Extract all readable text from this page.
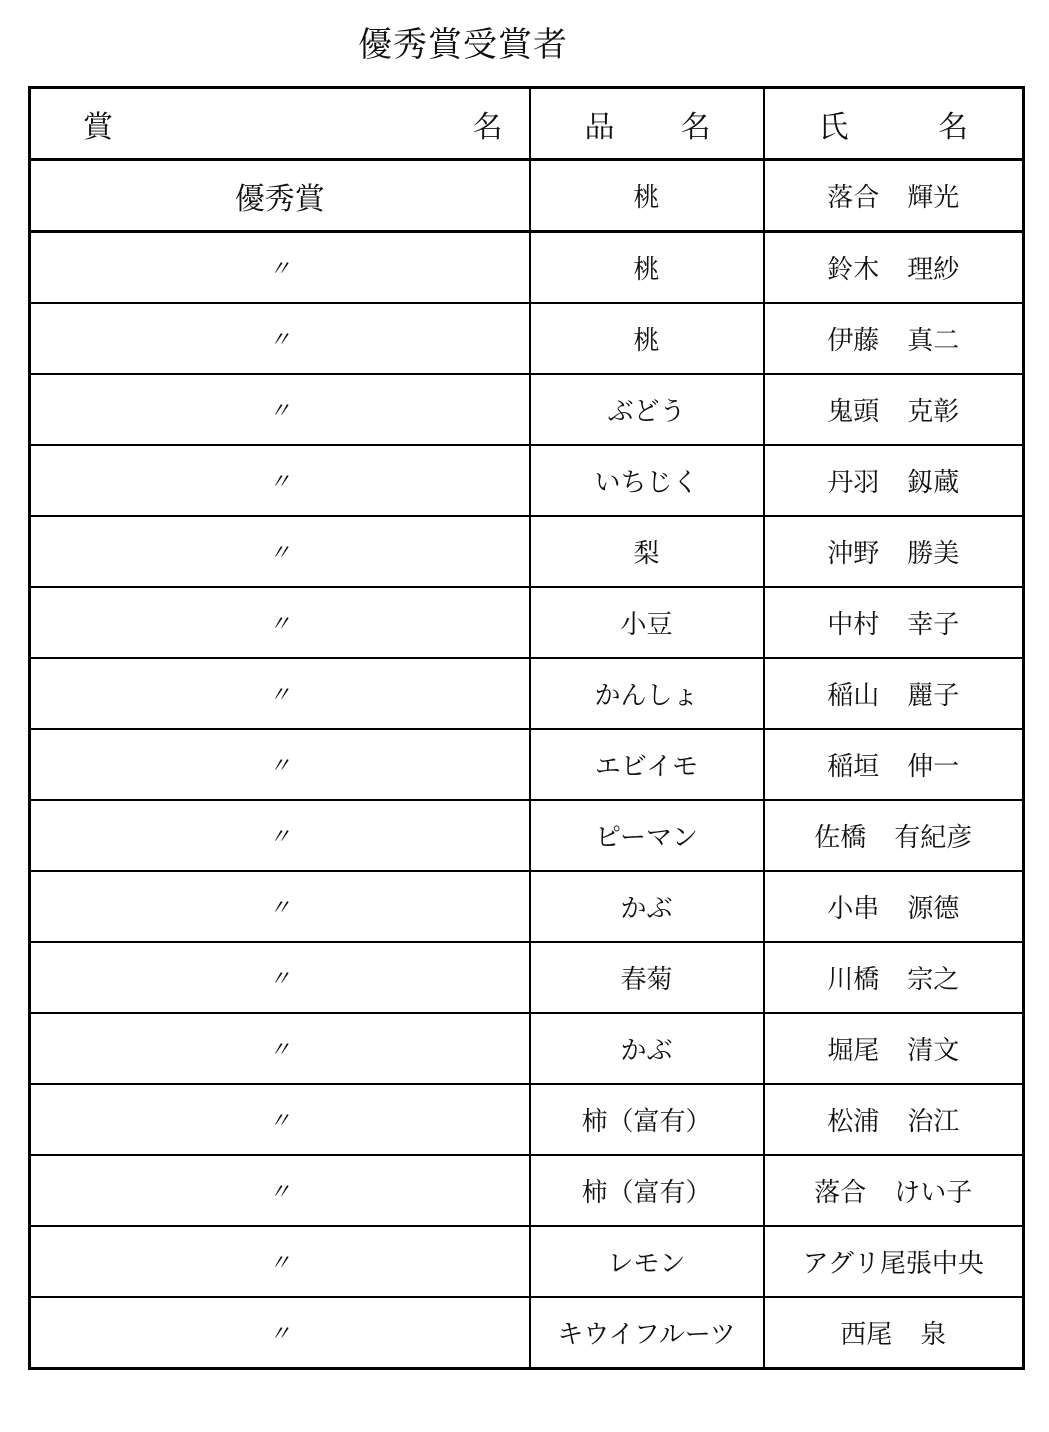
優秀賞受賞者
賞 名	品 名	氏 名

優秀賞	桃	落合 輝光
〃	桃	鈴木 理紗
〃	桃	伊藤 真二
〃	ぶどう	鬼頭 克彰
〃	いちじく	丹羽 釼蔵
〃	梨	沖野 勝美
〃	小豆	中村 幸子
〃	かんしょ	稲山 麗子
〃	エビイモ	稲垣 伸一
〃	ピーマン	佐橋 有紀彦
〃	かぶ	小串 源德
〃	春菊	川橋 宗之
〃	かぶ	堀尾 清文
〃	柿（富有）	松浦 治江
〃	柿（富有）	落合 けい子
〃	レモン	アグリ尾張中央
〃	キウイフルーツ	西尾 泉
